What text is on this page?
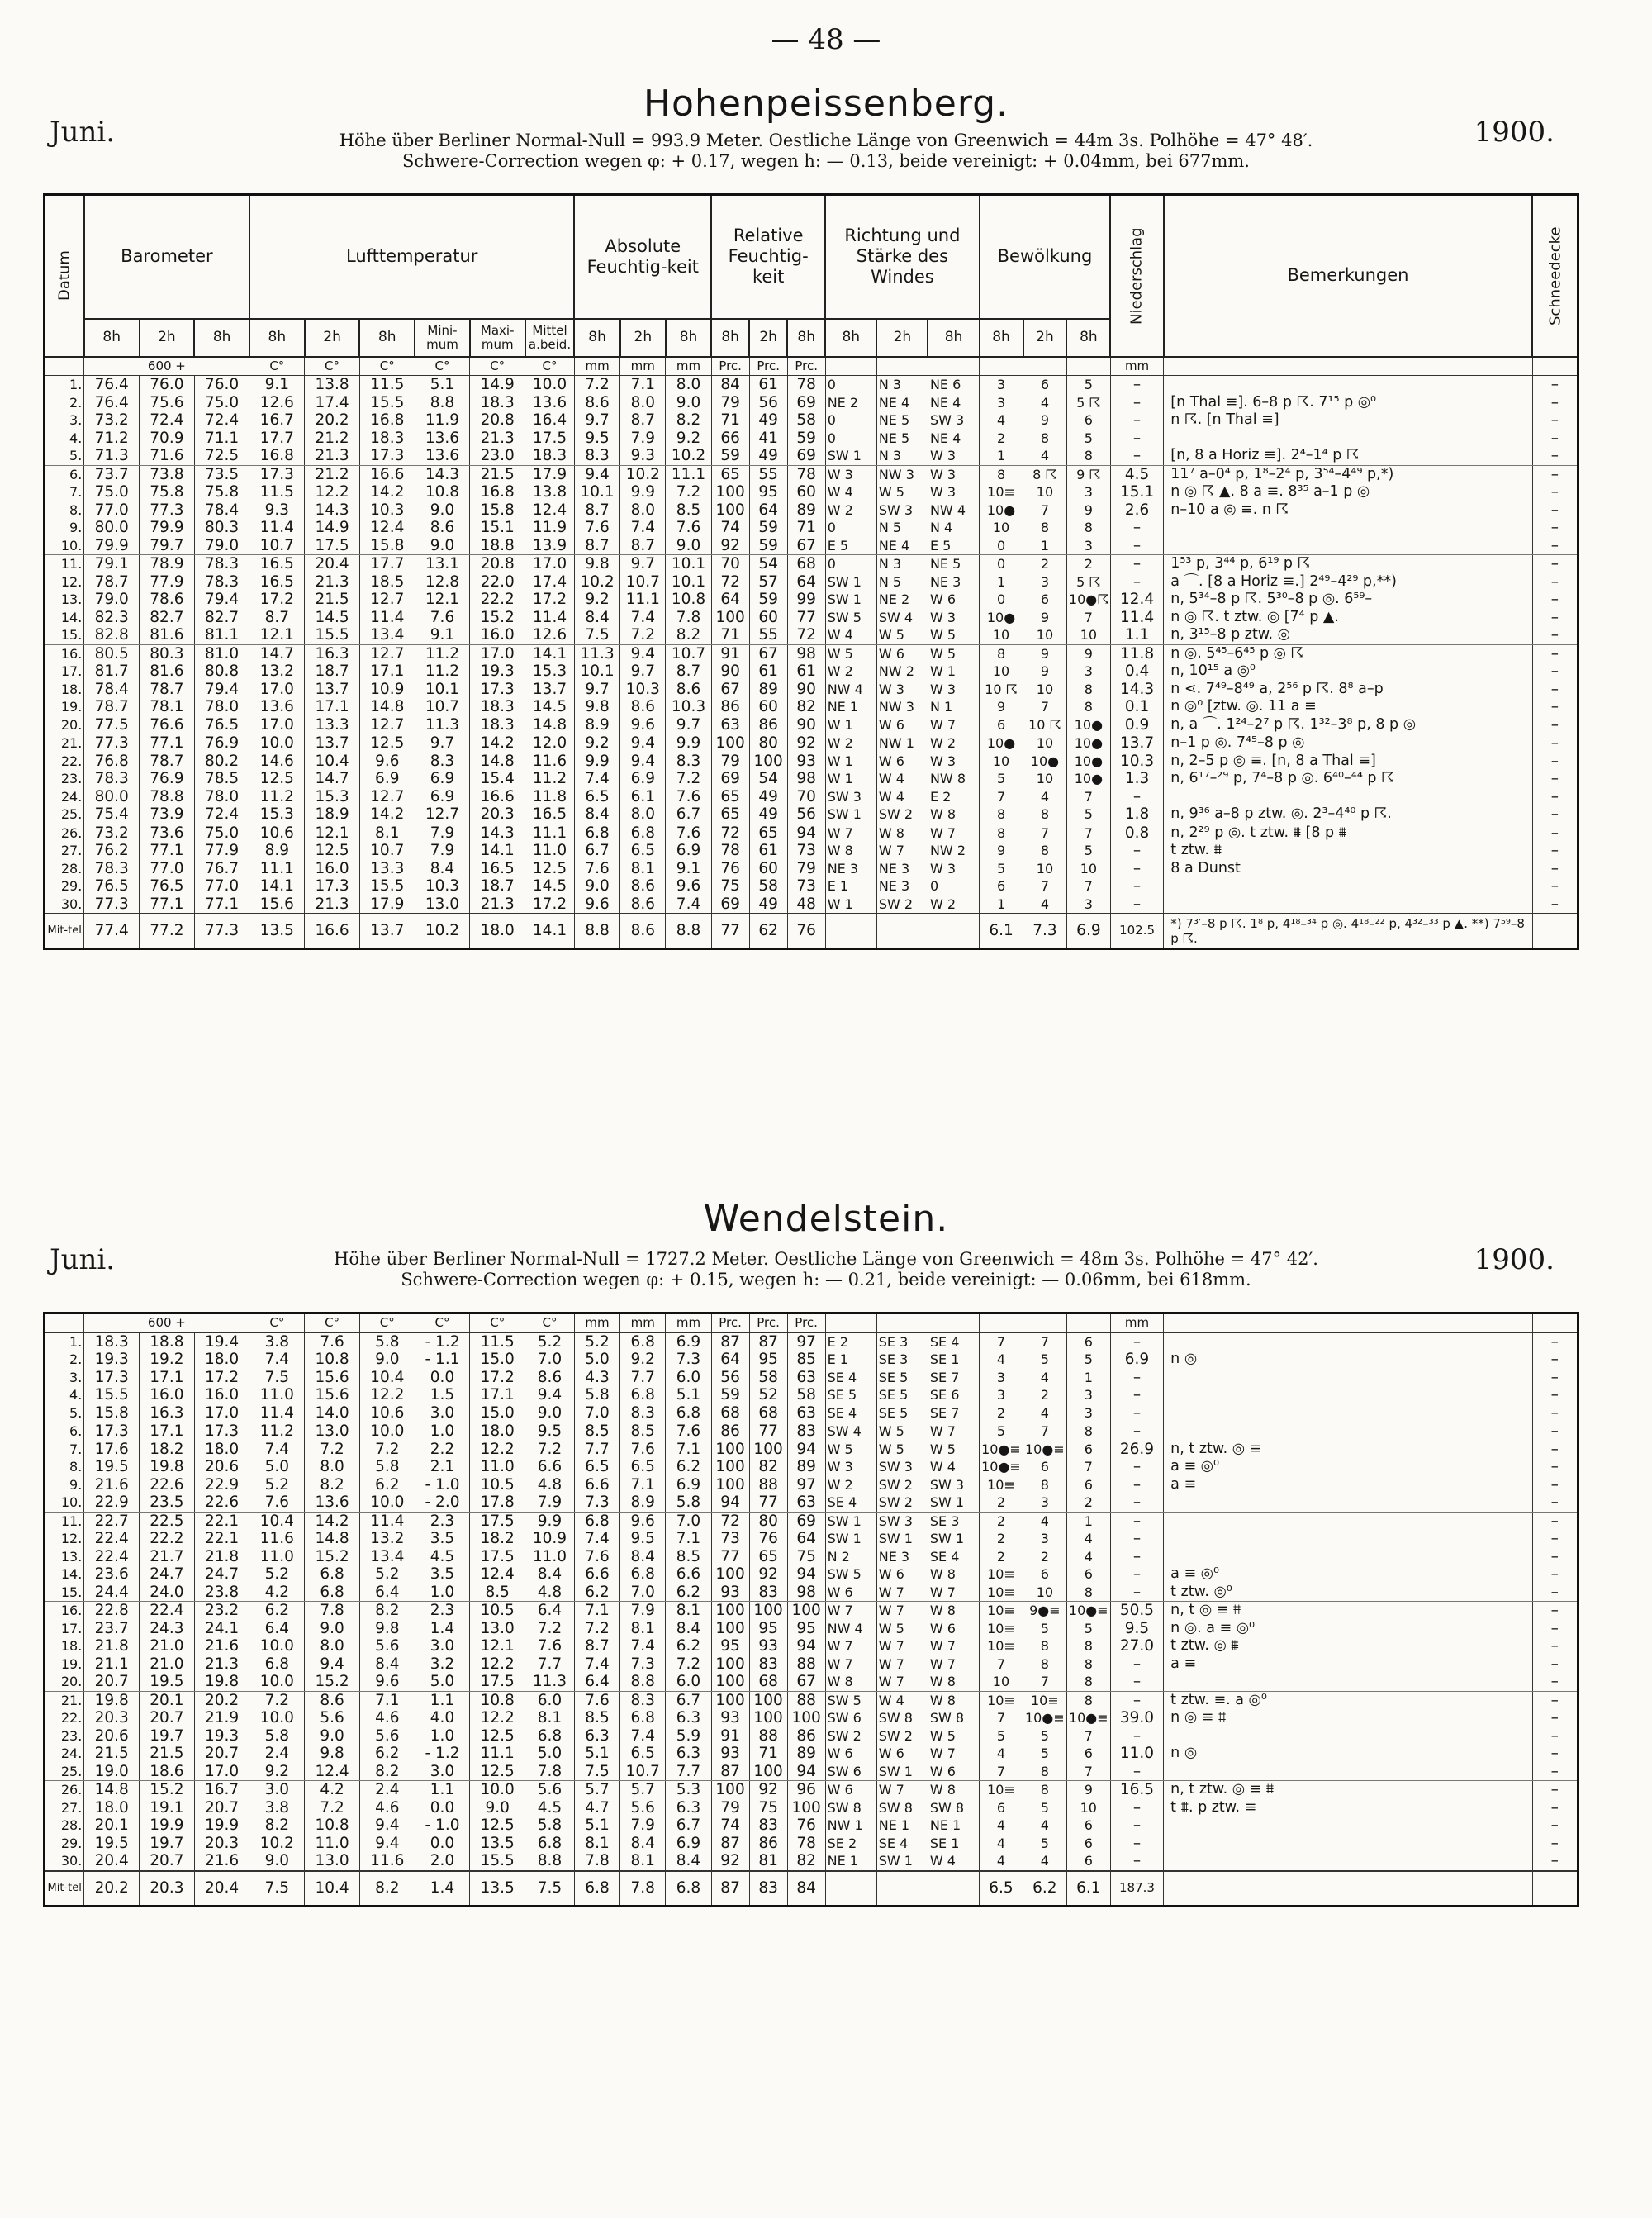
— 48 —
Hohenpeissenberg.
Juni.	1900.
Höhe über Berliner Normal-Null = 993.9 Meter. Oestliche Länge von Greenwich = 44m 3s. Polhöhe = 47° 48′.
Schwere-Correction wegen φ: + 0.17, wegen h: — 0.13, beide vereinigt: + 0.04mm, bei 677mm.
Datum	Barometer			Lufttemperatur						Absolute Feuchtig-keit			Relative Feuchtig-keit			Richtung und Stärke des Windes			Bewölkung			Niederschlag	Bemerkungen	Schneedecke
	8h	2h	8h	8h	2h	8h	Mini-mum	Maxi-mum	Mittel a.beid.	8h	2h	8h	8h	2h	8h	8h	2h	8h	8h	2h	8h			
	600 +			C°	C°	C°	C°	C°	C°	mm	mm	mm	Prc.	Prc.	Prc.							mm		
1.	76.4	76.0	76.0	9.1	13.8	11.5	5.1	14.9	10.0	7.2	7.1	8.0	84	61	78	0	N 3	NE 6	3	6	5	–		–
2.	76.4	75.6	75.0	12.6	17.4	15.5	8.8	18.3	13.6	8.6	8.0	9.0	79	56	69	NE 2	NE 4	NE 4	3	4	5 ☈	–	[n Thal ≡]. 6–8 p ☈. 7¹⁵ p ◎⁰	–
3.	73.2	72.4	72.4	16.7	20.2	16.8	11.9	20.8	16.4	9.7	8.7	8.2	71	49	58	0	NE 5	SW 3	4	9	6	–	n ☈. [n Thal ≡]	–
4.	71.2	70.9	71.1	17.7	21.2	18.3	13.6	21.3	17.5	9.5	7.9	9.2	66	41	59	0	NE 5	NE 4	2	8	5	–		–
5.	71.3	71.6	72.5	16.8	21.3	17.3	13.6	23.0	18.3	8.3	9.3	10.2	59	49	69	SW 1	N 3	W 3	1	4	8	–	[n, 8 a Horiz ≡]. 2⁴–1⁴ p ☈	–
6.	73.7	73.8	73.5	17.3	21.2	16.6	14.3	21.5	17.9	9.4	10.2	11.1	65	55	78	W 3	NW 3	W 3	8	8 ☈	9 ☈	4.5	11⁷ a–0⁴ p, 1⁸–2⁴ p, 3⁵⁴–4⁴⁹ p,*)	–
7.	75.0	75.8	75.8	11.5	12.2	14.2	10.8	16.8	13.8	10.1	9.9	7.2	100	95	60	W 4	W 5	W 3	10≡	10	3	15.1	n ◎ ☈ ▲. 8 a ≡. 8³⁵ a–1 p ◎	–
8.	77.0	77.3	78.4	9.3	14.3	10.3	9.0	15.8	12.4	8.7	8.0	8.5	100	64	89	W 2	SW 3	NW 4	10●	7	9	2.6	n–10 a ◎ ≡. n ☈	–
9.	80.0	79.9	80.3	11.4	14.9	12.4	8.6	15.1	11.9	7.6	7.4	7.6	74	59	71	0	N 5	N 4	10	8	8	–		–
10.	79.9	79.7	79.0	10.7	17.5	15.8	9.0	18.8	13.9	8.7	8.7	9.0	92	59	67	E 5	NE 4	E 5	0	1	3	–		–
11.	79.1	78.9	78.3	16.5	20.4	17.7	13.1	20.8	17.0	9.8	9.7	10.1	70	54	68	0	N 3	NE 5	0	2	2	–	1⁵³ p, 3⁴⁴ p, 6¹⁹ p ☈	–
12.	78.7	77.9	78.3	16.5	21.3	18.5	12.8	22.0	17.4	10.2	10.7	10.1	72	57	64	SW 1	N 5	NE 3	1	3	5 ☈	–	a ⌒. [8 a Horiz ≡.] 2⁴⁹–4²⁹ p,**)	–
13.	79.0	78.6	79.4	17.2	21.5	12.7	12.1	22.2	17.2	9.2	11.1	10.8	64	59	99	SW 1	NE 2	W 6	0	6	10●☈	12.4	n, 5³⁴–8 p ☈. 5³⁰–8 p ◎. 6⁵⁹–	–
14.	82.3	82.7	82.7	8.7	14.5	11.4	7.6	15.2	11.4	8.4	7.4	7.8	100	60	77	SW 5	SW 4	W 3	10●	9	7	11.4	n ◎ ☈. t ztw. ◎ [7⁴ p ▲.	–
15.	82.8	81.6	81.1	12.1	15.5	13.4	9.1	16.0	12.6	7.5	7.2	8.2	71	55	72	W 4	W 5	W 5	10	10	10	1.1	n, 3¹⁵–8 p ztw. ◎	–
16.	80.5	80.3	81.0	14.7	16.3	12.7	11.2	17.0	14.1	11.3	9.4	10.7	91	67	98	W 5	W 6	W 5	8	9	9	11.8	n ◎. 5⁴⁵–6⁴⁵ p ◎ ☈	–
17.	81.7	81.6	80.8	13.2	18.7	17.1	11.2	19.3	15.3	10.1	9.7	8.7	90	61	61	W 2	NW 2	W 1	10	9	3	0.4	n, 10¹⁵ a ◎⁰	–
18.	78.4	78.7	79.4	17.0	13.7	10.9	10.1	17.3	13.7	9.7	10.3	8.6	67	89	90	NW 4	W 3	W 3	10 ☈	10	8	14.3	n ⋖. 7⁴⁹–8⁴⁹ a, 2⁵⁶ p ☈. 8⁸ a–p	–
19.	78.7	78.1	78.0	13.6	17.1	14.8	10.7	18.3	14.5	9.8	8.6	10.3	86	60	82	NE 1	NW 3	N 1	9	7	8	0.1	n ◎⁰ [ztw. ◎. 11 a ≡	–
20.	77.5	76.6	76.5	17.0	13.3	12.7	11.3	18.3	14.8	8.9	9.6	9.7	63	86	90	W 1	W 6	W 7	6	10 ☈	10●	0.9	n, a ⌒. 1²⁴–2⁷ p ☈. 1³²–3⁸ p, 8 p ◎	–
21.	77.3	77.1	76.9	10.0	13.7	12.5	9.7	14.2	12.0	9.2	9.4	9.9	100	80	92	W 2	NW 1	W 2	10●	10	10●	13.7	n–1 p ◎. 7⁴⁵–8 p ◎	–
22.	76.8	78.7	80.2	14.6	10.4	9.6	8.3	14.8	11.6	9.9	9.4	8.3	79	100	93	W 1	W 6	W 3	10	10●	10●	10.3	n, 2–5 p ◎ ≡. [n, 8 a Thal ≡]	–
23.	78.3	76.9	78.5	12.5	14.7	6.9	6.9	15.4	11.2	7.4	6.9	7.2	69	54	98	W 1	W 4	NW 8	5	10	10●	1.3	n, 6¹⁷–²⁹ p, 7⁴–8 p ◎. 6⁴⁰–⁴⁴ p ☈	–
24.	80.0	78.8	78.0	11.2	15.3	12.7	6.9	16.6	11.8	6.5	6.1	7.6	65	49	70	SW 3	W 4	E 2	7	4	7	–		–
25.	75.4	73.9	72.4	15.3	18.9	14.2	12.7	20.3	16.5	8.4	8.0	6.7	65	49	56	SW 1	SW 2	W 8	8	8	5	1.8	n, 9³⁶ a–8 p ztw. ◎. 2³–4⁴⁰ p ☈.	–
26.	73.2	73.6	75.0	10.6	12.1	8.1	7.9	14.3	11.1	6.8	6.8	7.6	72	65	94	W 7	W 8	W 7	8	7	7	0.8	n, 2²⁹ p ◎. t ztw. ⩩ [8 p ⩩	–
27.	76.2	77.1	77.9	8.9	12.5	10.7	7.9	14.1	11.0	6.7	6.5	6.9	78	61	73	W 8	W 7	NW 2	9	8	5	–	t ztw. ⩩	–
28.	78.3	77.0	76.7	11.1	16.0	13.3	8.4	16.5	12.5	7.6	8.1	9.1	76	60	79	NE 3	NE 3	W 3	5	10	10	–	8 a Dunst	–
29.	76.5	76.5	77.0	14.1	17.3	15.5	10.3	18.7	14.5	9.0	8.6	9.6	75	58	73	E 1	NE 3	0	6	7	7	–		–
30.	77.3	77.1	77.1	15.6	21.3	17.9	13.0	21.3	17.2	9.6	8.6	7.4	69	49	48	W 1	SW 2	W 2	1	4	3	–		–
Mit-tel	77.4	77.2	77.3	13.5	16.6	13.7	10.2	18.0	14.1	8.8	8.6	8.8	77	62	76				6.1	7.3	6.9	102.5	*) 7³′–8 p ☈. 1⁸ p, 4¹⁸–³⁴ p ◎. 4¹⁸–²² p, 4³²–³³ p ▲. **) 7⁵⁹–8 p ☈.	
Wendelstein.
Juni.	1900.
Höhe über Berliner Normal-Null = 1727.2 Meter. Oestliche Länge von Greenwich = 48m 3s. Polhöhe = 47° 42′.
Schwere-Correction wegen φ: + 0.15, wegen h: — 0.21, beide vereinigt: — 0.06mm, bei 618mm.
	600 +			C°	C°	C°	C°	C°	C°	mm	mm	mm	Prc.	Prc.	Prc.							mm		
1.	18.3	18.8	19.4	3.8	7.6	5.8	- 1.2	11.5	5.2	5.2	6.8	6.9	87	87	97	E 2	SE 3	SE 4	7	7	6	–		–
2.	19.3	19.2	18.0	7.4	10.8	9.0	- 1.1	15.0	7.0	5.0	9.2	7.3	64	95	85	E 1	SE 3	SE 1	4	5	5	6.9	n ◎	–
3.	17.3	17.1	17.2	7.5	15.6	10.4	0.0	17.2	8.6	4.3	7.7	6.0	56	58	63	SE 4	SE 5	SE 7	3	4	1	–		–
4.	15.5	16.0	16.0	11.0	15.6	12.2	1.5	17.1	9.4	5.8	6.8	5.1	59	52	58	SE 5	SE 5	SE 6	3	2	3	–		–
5.	15.8	16.3	17.0	11.4	14.0	10.6	3.0	15.0	9.0	7.0	8.3	6.8	68	68	63	SE 4	SE 5	SE 7	2	4	3	–		–
6.	17.3	17.1	17.3	11.2	13.0	10.0	1.0	18.0	9.5	8.5	8.5	7.6	86	77	83	SW 4	W 5	W 7	5	7	8	–		–
7.	17.6	18.2	18.0	7.4	7.2	7.2	2.2	12.2	7.2	7.7	7.6	7.1	100	100	94	W 5	W 5	W 5	10●≡	10●≡	6	26.9	n, t ztw. ◎ ≡	–
8.	19.5	19.8	20.6	5.0	8.0	5.8	2.1	11.0	6.6	6.5	6.5	6.2	100	82	89	W 3	SW 3	W 4	10●≡	6	7	–	a ≡ ◎⁰	–
9.	21.6	22.6	22.9	5.2	8.2	6.2	- 1.0	10.5	4.8	6.6	7.1	6.9	100	88	97	W 2	SW 2	SW 3	10≡	8	6	–	a ≡	–
10.	22.9	23.5	22.6	7.6	13.6	10.0	- 2.0	17.8	7.9	7.3	8.9	5.8	94	77	63	SE 4	SW 2	SW 1	2	3	2	–		–
11.	22.7	22.5	22.1	10.4	14.2	11.4	2.3	17.5	9.9	6.8	9.6	7.0	72	80	69	SW 1	SW 3	SE 3	2	4	1	–		–
12.	22.4	22.2	22.1	11.6	14.8	13.2	3.5	18.2	10.9	7.4	9.5	7.1	73	76	64	SW 1	SW 1	SW 1	2	3	4	–		–
13.	22.4	21.7	21.8	11.0	15.2	13.4	4.5	17.5	11.0	7.6	8.4	8.5	77	65	75	N 2	NE 3	SE 4	2	2	4	–		–
14.	23.6	24.7	24.7	5.2	6.8	5.2	3.5	12.4	8.4	6.6	6.8	6.6	100	92	94	SW 5	W 6	W 8	10≡	6	6	–	a ≡ ◎⁰	–
15.	24.4	24.0	23.8	4.2	6.8	6.4	1.0	8.5	4.8	6.2	7.0	6.2	93	83	98	W 6	W 7	W 7	10≡	10	8	–	t ztw. ◎⁰	–
16.	22.8	22.4	23.2	6.2	7.8	8.2	2.3	10.5	6.4	7.1	7.9	8.1	100	100	100	W 7	W 7	W 8	10≡	9●≡	10●≡	50.5	n, t ◎ ≡ ⩩	–
17.	23.7	24.3	24.1	6.4	9.0	9.8	1.4	13.0	7.2	7.2	8.1	8.4	100	95	95	NW 4	W 5	W 6	10≡	5	5	9.5	n ◎. a ≡ ◎⁰	–
18.	21.8	21.0	21.6	10.0	8.0	5.6	3.0	12.1	7.6	8.7	7.4	6.2	95	93	94	W 7	W 7	W 7	10≡	8	8	27.0	t ztw. ◎ ⩩	–
19.	21.1	21.0	21.3	6.8	9.4	8.4	3.2	12.2	7.7	7.4	7.3	7.2	100	83	88	W 7	W 7	W 7	7	8	8	–	a ≡	–
20.	20.7	19.5	19.8	10.0	15.2	9.6	5.0	17.5	11.3	6.4	8.8	6.0	100	68	67	W 8	W 7	W 8	10	7	8	–		–
21.	19.8	20.1	20.2	7.2	8.6	7.1	1.1	10.8	6.0	7.6	8.3	6.7	100	100	88	SW 5	W 4	W 8	10≡	10≡	8	–	t ztw. ≡. a ◎⁰	–
22.	20.3	20.7	21.9	10.0	5.6	4.6	4.0	12.2	8.1	8.5	6.8	6.3	93	100	100	SW 6	SW 8	SW 8	7	10●≡	10●≡	39.0	n ◎ ≡ ⩩	–
23.	20.6	19.7	19.3	5.8	9.0	5.6	1.0	12.5	6.8	6.3	7.4	5.9	91	88	86	SW 2	SW 2	W 5	5	5	7	–		–
24.	21.5	21.5	20.7	2.4	9.8	6.2	- 1.2	11.1	5.0	5.1	6.5	6.3	93	71	89	W 6	W 6	W 7	4	5	6	11.0	n ◎	–
25.	19.0	18.6	17.0	9.2	12.4	8.2	3.0	12.5	7.8	7.5	10.7	7.7	87	100	94	SW 6	SW 1	W 6	7	8	7	–		–
26.	14.8	15.2	16.7	3.0	4.2	2.4	1.1	10.0	5.6	5.7	5.7	5.3	100	92	96	W 6	W 7	W 8	10≡	8	9	16.5	n, t ztw. ◎ ≡ ⩩	–
27.	18.0	19.1	20.7	3.8	7.2	4.6	0.0	9.0	4.5	4.7	5.6	6.3	79	75	100	SW 8	SW 8	SW 8	6	5	10	–	t ⩩. p ztw. ≡	–
28.	20.1	19.9	19.9	8.2	10.8	9.4	- 1.0	12.5	5.8	5.1	7.9	6.7	74	83	76	NW 1	NE 1	NE 1	4	4	6	–		–
29.	19.5	19.7	20.3	10.2	11.0	9.4	0.0	13.5	6.8	8.1	8.4	6.9	87	86	78	SE 2	SE 4	SE 1	4	5	6	–		–
30.	20.4	20.7	21.6	9.0	13.0	11.6	2.0	15.5	8.8	7.8	8.1	8.4	92	81	82	NE 1	SW 1	W 4	4	4	6	–		–
Mit-tel	20.2	20.3	20.4	7.5	10.4	8.2	1.4	13.5	7.5	6.8	7.8	6.8	87	83	84				6.5	6.2	6.1	187.3		
